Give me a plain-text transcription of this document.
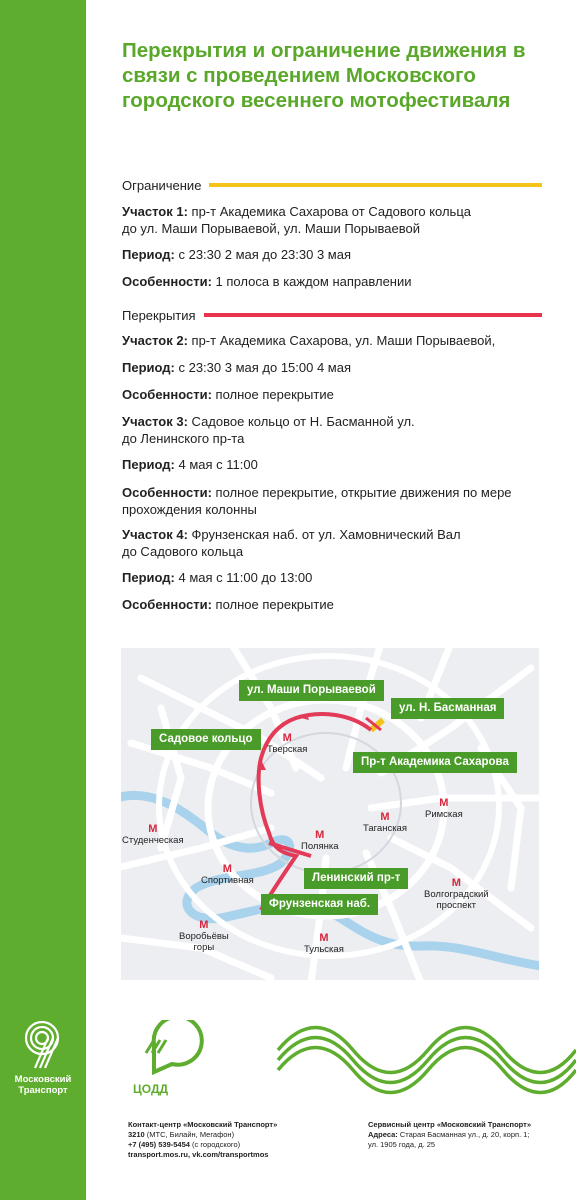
Московский
Транспорт
Перекрытия и ограничение движения в связи с проведением Московского городского весеннего мотофестиваля
Ограничение
Участок 1: пр-т Академика Сахарова от Садового кольца
до ул. Маши Порываевой, ул. Маши Порываевой
Период: с 23:30 2 мая до 23:30 3 мая
Особенности: 1 полоса в каждом направлении
Перекрытия
Участок 2: пр-т Академика Сахарова, ул. Маши Порываевой,
Период: с 23:30 3 мая до 15:00 4 мая
Особенности: полное перекрытие
Участок 3: Садовое кольцо от Н. Басманной ул.
до Ленинского пр-та
Период: 4 мая с 11:00
Особенности: полное перекрытие, открытие движения по мере
прохождения колонны
Участок 4: Фрунзенская наб. от ул. Хамовнический Вал
до Садового кольца
Период: 4 мая с 11:00 до 13:00
Особенности: полное перекрытие
ул. Маши Порываевой
ул. Н. Басманная
Садовое кольцо
Пр-т Академика Сахарова
Ленинский пр-т
Фрунзенская наб.
М
Тверская
М
Таганская
М
Римская
М
Студенческая	М
Полянка
М
Спортивная	М
Волгоградский
проспект
М
Воробьёвы
горы
М
Тульская
ЦОДД
Контакт-центр «Московский Транспорт»
3210 (МТС, Билайн, Мегафон)
+7 (495) 539-5454 (с городского)
transport.mos.ru, vk.com/transportmos
Сервисный центр «Московский Транспорт»
Адреса: Старая Басманная ул., д. 20, корп. 1;
ул. 1905 года, д. 25
